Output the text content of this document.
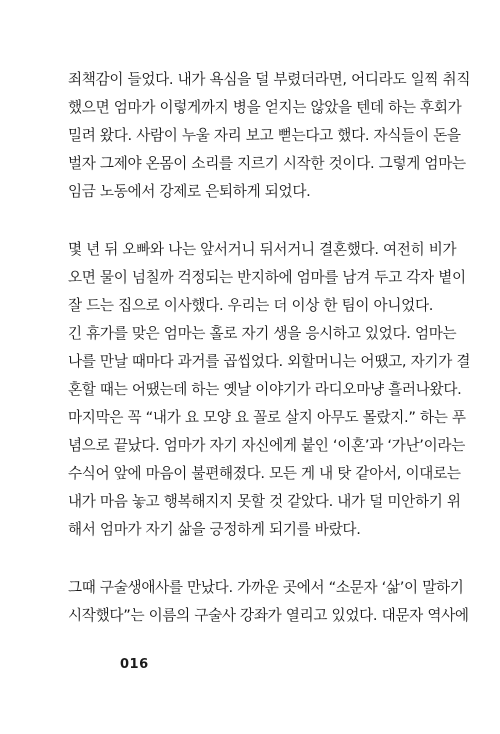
죄책감이 들었다. 내가 욕심을 덜 부렸더라면, 어디라도 일찍 취직
했으면 엄마가 이렇게까지 병을 얻지는 않았을 텐데 하는 후회가
밀려 왔다. 사람이 누울 자리 보고 뻗는다고 했다. 자식들이 돈을
벌자 그제야 온몸이 소리를 지르기 시작한 것이다. 그렇게 엄마는
임금 노동에서 강제로 은퇴하게 되었다.
몇 년 뒤 오빠와 나는 앞서거니 뒤서거니 결혼했다. 여전히 비가
오면 물이 넘칠까 걱정되는 반지하에 엄마를 남겨 두고 각자 볕이
잘 드는 집으로 이사했다. 우리는 더 이상 한 팀이 아니었다.
긴 휴가를 맞은 엄마는 홀로 자기 생을 응시하고 있었다. 엄마는
나를 만날 때마다 과거를 곱씹었다. 외할머니는 어땠고, 자기가 결
혼할 때는 어땠는데 하는 옛날 이야기가 라디오마냥 흘러나왔다.
마지막은 꼭 “내가 요 모양 요 꼴로 살지 아무도 몰랐지.” 하는 푸
념으로 끝났다. 엄마가 자기 자신에게 붙인 ‘이혼’과 ‘가난’이라는
수식어 앞에 마음이 불편해졌다. 모든 게 내 탓 같아서, 이대로는
내가 마음 놓고 행복해지지 못할 것 같았다. 내가 덜 미안하기 위
해서 엄마가 자기 삶을 긍정하게 되기를 바랐다.
그때 구술생애사를 만났다. 가까운 곳에서 “소문자 ‘삶’이 말하기
시작했다”는 이름의 구술사 강좌가 열리고 있었다. 대문자 역사에
016
